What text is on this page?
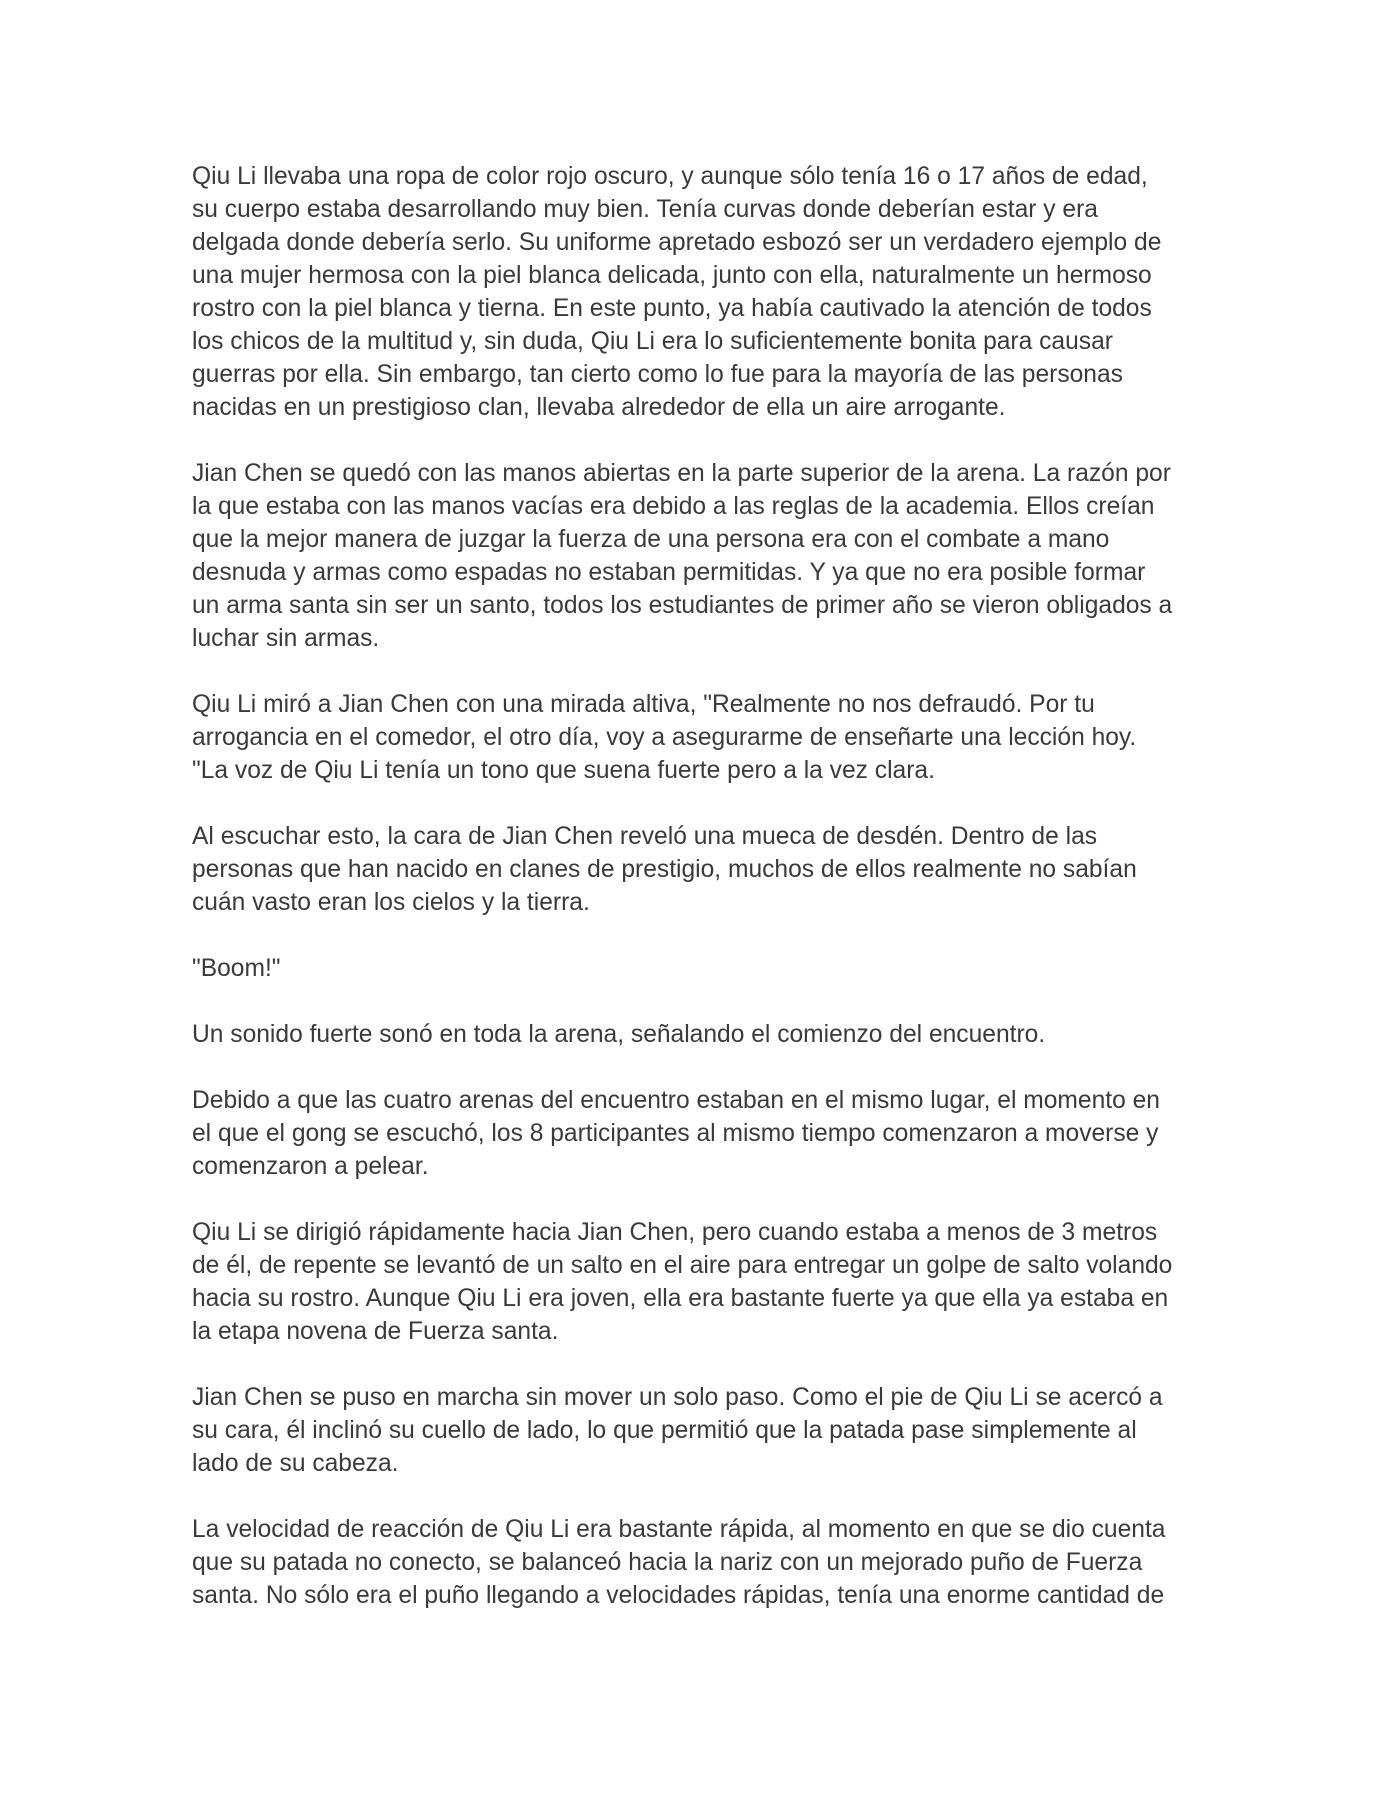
Qiu Li llevaba una ropa de color rojo oscuro, y aunque sólo tenía 16 o 17 años de edad,
su cuerpo estaba desarrollando muy bien. Tenía curvas donde deberían estar y era
delgada donde debería serlo. Su uniforme apretado esbozó ser un verdadero ejemplo de
una mujer hermosa con la piel blanca delicada, junto con ella, naturalmente un hermoso
rostro con la piel blanca y tierna. En este punto, ya había cautivado la atención de todos
los chicos de la multitud y, sin duda, Qiu Li era lo suficientemente bonita para causar
guerras por ella. Sin embargo, tan cierto como lo fue para la mayoría de las personas
nacidas en un prestigioso clan, llevaba alrededor de ella un aire arrogante.

Jian Chen se quedó con las manos abiertas en la parte superior de la arena. La razón por
la que estaba con las manos vacías era debido a las reglas de la academia. Ellos creían
que la mejor manera de juzgar la fuerza de una persona era con el combate a mano
desnuda y armas como espadas no estaban permitidas. Y ya que no era posible formar
un arma santa sin ser un santo, todos los estudiantes de primer año se vieron obligados a
luchar sin armas.

Qiu Li miró a Jian Chen con una mirada altiva, "Realmente no nos defraudó. Por tu
arrogancia en el comedor, el otro día, voy a asegurarme de enseñarte una lección hoy.
"La voz de Qiu Li tenía un tono que suena fuerte pero a la vez clara.

Al escuchar esto, la cara de Jian Chen reveló una mueca de desdén. Dentro de las
personas que han nacido en clanes de prestigio, muchos de ellos realmente no sabían
cuán vasto eran los cielos y la tierra.

"Boom!"

Un sonido fuerte sonó en toda la arena, señalando el comienzo del encuentro.

Debido a que las cuatro arenas del encuentro estaban en el mismo lugar, el momento en
el que el gong se escuchó, los 8 participantes al mismo tiempo comenzaron a moverse y
comenzaron a pelear.

Qiu Li se dirigió rápidamente hacia Jian Chen, pero cuando estaba a menos de 3 metros
de él, de repente se levantó de un salto en el aire para entregar un golpe de salto volando
hacia su rostro. Aunque Qiu Li era joven, ella era bastante fuerte ya que ella ya estaba en
la etapa novena de Fuerza santa.

Jian Chen se puso en marcha sin mover un solo paso. Como el pie de Qiu Li se acercó a
su cara, él inclinó su cuello de lado, lo que permitió que la patada pase simplemente al
lado de su cabeza.

La velocidad de reacción de Qiu Li era bastante rápida, al momento en que se dio cuenta
que su patada no conecto, se balanceó hacia la nariz con un mejorado puño de Fuerza
santa. No sólo era el puño llegando a velocidades rápidas, tenía una enorme cantidad de
